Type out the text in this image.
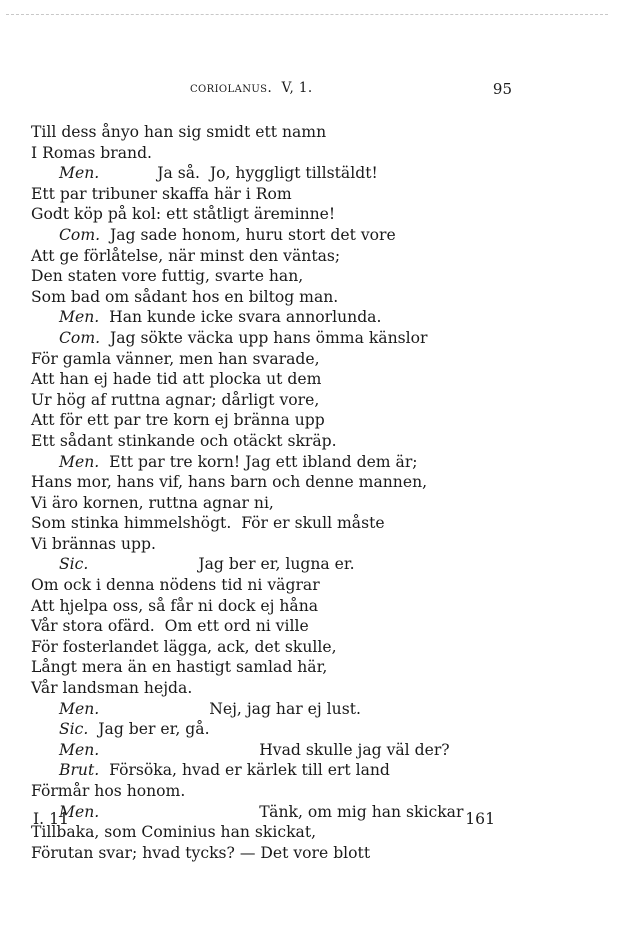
coriolanus. V, 1.	95
Till dess ånyo han sig smidt ett namn
I Romas brand.
Men.	Ja så.  Jo, hyggligt tillstäldt!
Ett par tribuner skaffa här i Rom
Godt köp på kol: ett ståtligt äreminne!
Com. Jag sade honom, huru stort det vore
Att ge förlåtelse, när minst den väntas;
Den staten vore futtig, svarte han,
Som bad om sådant hos en biltog man.
Men. Han kunde icke svara annorlunda.
Com. Jag sökte väcka upp hans ömma känslor
För gamla vänner, men han svarade,
Att han ej hade tid att plocka ut dem
Ur hög af ruttna agnar; dårligt vore,
Att för ett par tre korn ej bränna upp
Ett sådant stinkande och otäckt skräp.
Men. Ett par tre korn! Jag ett ibland dem är;
Hans mor, hans vif, hans barn och denne mannen,
Vi äro kornen, ruttna agnar ni,
Som stinka himmelshögt.  För er skull måste
Vi brännas upp.
Sic.	Jag ber er, lugna er.
Om ock i denna nödens tid ni vägrar
Att hjelpa oss, så får ni dock ej håna
Vår stora ofärd.  Om ett ord ni ville
För fosterlandet lägga, ack, det skulle,
Långt mera än en hastigt samlad här,
Vår landsman hejda.
Men.	Nej, jag har ej lust.
Sic. Jag ber er, gå.
Men.	Hvad skulle jag väl der?
Brut. Försöka, hvad er kärlek till ert land
Förmår hos honom.
Men.	Tänk, om mig han skickar
Tillbaka, som Cominius han skickat,
Förutan svar; hvad tycks? — Det vore blott
I. 11	161
